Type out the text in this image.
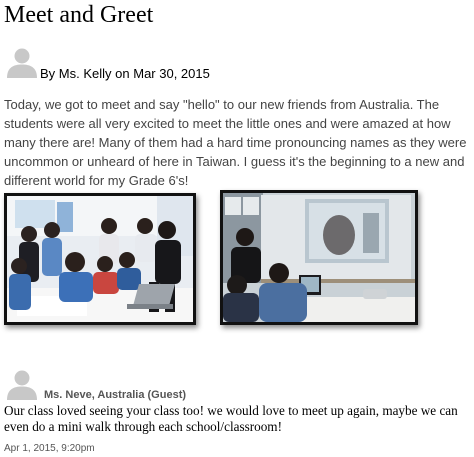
Meet and Greet
By Ms. Kelly on Mar 30, 2015

Today, we got to meet and say "hello" to our new friends from Australia. The students were all very excited to meet the little ones and were amazed at how many there are! Many of them had a hard time pronouncing names as they were uncommon or unheard of here in Taiwan. I guess it's the beginning to a new and different world for my Grade 6's!

Ms. Neve, Australia (Guest)

Our class loved seeing your class too! we would love to meet up again, maybe we can even do a mini walk through each school/classroom!

Apr 1, 2015, 9:20pm
